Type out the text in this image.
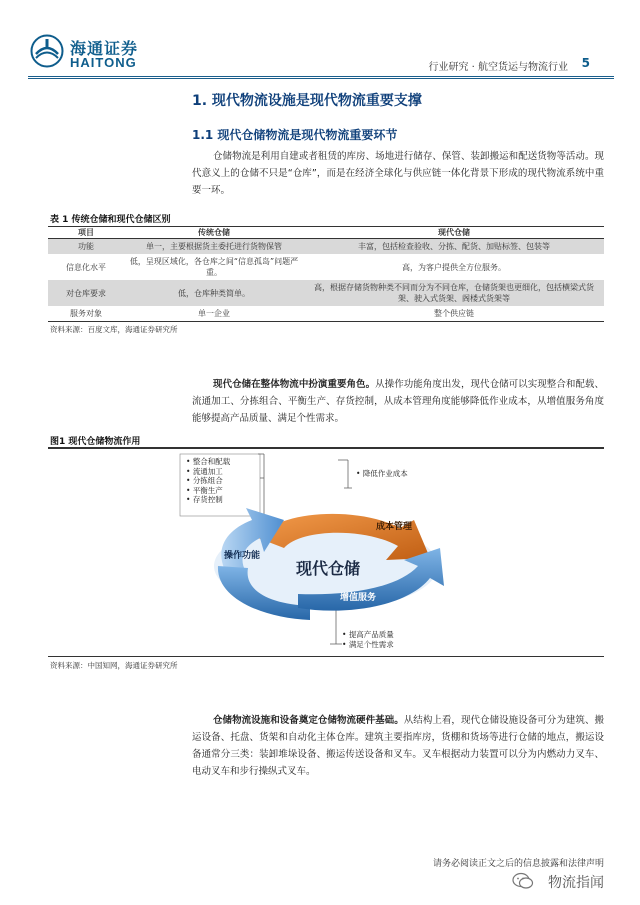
海通证券
HAITONG	行业研究 · 航空货运与物流行业 5
1. 现代物流设施是现代物流重要支撑
1.1 现代仓储物流是现代物流重要环节
仓储物流是利用自建或者租赁的库房、场地进行储存、保管、装卸搬运和配送货物等活动。现代意义上的仓储不只是“仓库”，而是在经济全球化与供应链一体化背景下形成的现代物流系统中重要一环。
表 1 传统仓储和现代仓储区别
项目	传统仓储	现代仓储
功能	单一，主要根据货主委托进行货物保管	丰富，包括检查验收、分拣、配货、加贴标签、包装等
信息化水平	低，呈现区域化，各仓库之间“信息孤岛”问题严重。	高，为客户提供全方位服务。
对仓库要求	低，仓库种类简单。	高，根据存储货物种类不同而分为不同仓库，仓储货架也更细化，包括横梁式货架、驶入式货架、阁楼式货架等
服务对象	单一企业	整个供应链
资料来源：百度文库，海通证券研究所
现代仓储在整体物流中扮演重要角色。从操作功能角度出发，现代仓储可以实现整合和配载、流通加工、分拣组合、平衡生产、存货控制，从成本管理角度能够降低作业成本，从增值服务角度能够提高产品质量、满足个性需求。
图1 现代仓储物流作用
• 整合和配载
• 流通加工
• 分拣组合
• 平衡生产
• 存货控制
• 降低作业成本
• 提高产品质量
• 满足个性需求
现代仓储
成本管理
操作功能
增值服务
资料来源：中国知网，海通证券研究所
仓储物流设施和设备奠定仓储物流硬件基础。从结构上看，现代仓储设施设备可分为建筑、搬运设备、托盘、货架和自动化主体仓库。建筑主要指库房，货棚和货场等进行仓储的地点，搬运设备通常分三类：装卸堆垛设备、搬运传送设备和叉车。叉车根据动力装置可以分为内燃动力叉车、电动叉车和步行操纵式叉车。
请务必阅读正文之后的信息披露和法律声明
物流指闻
